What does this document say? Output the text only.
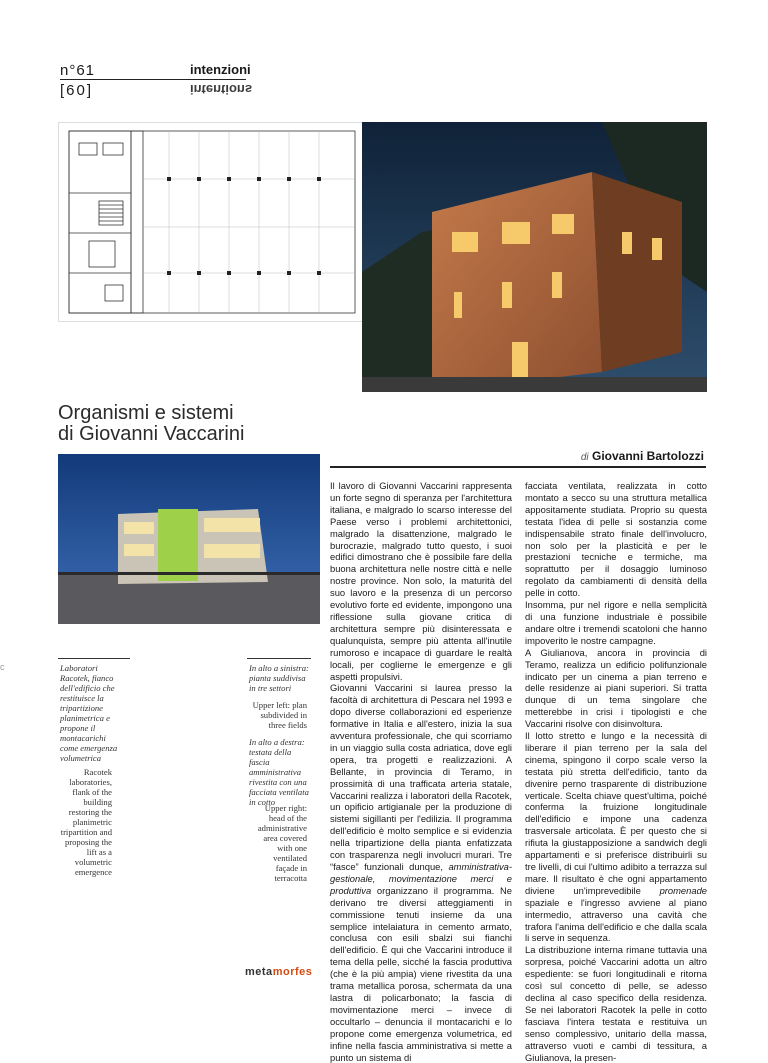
n°61
[60]
intenzioni
intentions
Organismi e sistemi
di Giovanni Vaccarini
di Giovanni Bartolozzi
Laboratori Racotek, fianco dell'edificio che restituisce la tripartizione planimetrica e propone il montacarichi come emergenza volumetrica
Racotek laboratories, flank of the building restoring the planimetric tripartition and proposing the lift as a volumetric emergence
In alto a sinistra: pianta suddivisa in tre settori
Upper left: plan subdivided in three fields
In alto a destra: testata della fascia amministrativa rivestita con una facciata ventilata in cotto
Upper right: head of the administrative area covered with one ventilated façade in terracotta

Il lavoro di Giovanni Vaccarini rappresenta un forte segno di speranza per l'architettura italiana, e malgrado lo scarso interesse del Paese verso i problemi architettonici, malgrado la disattenzione, malgrado le burocrazie, malgrado tutto questo, i suoi edifici dimostrano che è possibile fare della buona architettura nelle nostre città e nelle nostre province. Non solo, la maturità del suo lavoro e la presenza di un percorso evolutivo forte ed evidente, impongono una riflessione sulla giovane critica di architettura sempre più disinteressata e qualunquista, sempre più attenta all'inutile rumoroso e incapace di guardare le realtà locali, per coglierne le emergenze e gli aspetti propulsivi.

Giovanni Vaccarini si laurea presso la facoltà di architettura di Pescara nel 1993 e dopo diverse collaborazioni ed esperienze formative in Italia e all'estero, inizia la sua avventura professionale, che qui scorriamo in un viaggio sulla costa adriatica, dove egli opera, tra progetti e realizzazioni. A Bellante, in provincia di Teramo, in prossimità di una trafficata arteria statale, Vaccarini realizza i laboratori della Racotek, un opificio artigianale per la produzione di sistemi sigillanti per l'edilizia. Il programma dell'edificio è molto semplice e si evidenzia nella tripartizione della pianta enfatizzata con trasparenza negli involucri murari. Tre “fasce” funzionali dunque, amministrativa-gestionale, movimentazione merci e produttiva organizzano il programma. Ne derivano tre diversi atteggiamenti in commissione tenuti insieme da una semplice intelaiatura in cemento armato, conclusa con esili sbalzi sui fianchi dell'edificio. È qui che Vaccarini introduce il tema della pelle, sicché la fascia produttiva (che è la più ampia) viene rivestita da una trama metallica porosa, schermata da una lastra di policarbonato; la fascia di movimentazione merci – invece di occultarlo – denuncia il montacarichi e lo propone come emergenza volumetrica, ed infine nella fascia amministrativa si mette a punto un sistema di

facciata ventilata, realizzata in cotto montato a secco su una struttura metallica appositamente studiata. Proprio su questa testata l'idea di pelle si sostanzia come indispensabile strato finale dell'involucro, non solo per la plasticità e per le prestazioni tecniche e termiche, ma soprattutto per il dosaggio luminoso regolato da cambiamenti di densità della pelle in cotto.

Insomma, pur nel rigore e nella semplicità di una funzione industriale è possibile andare oltre i tremendi scatoloni che hanno impoverito le nostre campagne.

A Giulianova, ancora in provincia di Teramo, realizza un edificio polifunzionale indicato per un cinema a pian terreno e delle residenze ai piani superiori. Si tratta dunque di un tema singolare che metterebbe in crisi i tipologisti e che Vaccarini risolve con disinvoltura.

Il lotto stretto e lungo e la necessità di liberare il pian terreno per la sala del cinema, spingono il corpo scale verso la testata più stretta dell'edificio, tanto da divenire perno trasparente di distribuzione verticale. Scelta chiave quest'ultima, poiché conferma la fruizione longitudinale dell'edificio e impone una cadenza trasversale articolata. È per questo che si rifiuta la giustapposizione a sandwich degli appartamenti e si preferisce distribuirli su tre livelli, di cui l'ultimo adibito a terrazza sul mare. Il risultato è che ogni appartamento diviene un'imprevedibile promenade spaziale e l'ingresso avviene al piano intermedio, attraverso una cavità che trafora l'anima dell'edificio e che dalla scala li serve in sequenza.

La distribuzione interna rimane tuttavia una sorpresa, poiché Vaccarini adotta un altro espediente: se fuori longitudinali e ritorna così sul concetto di pelle, se adesso declina al caso specifico della residenza. Se nei laboratori Racotek la pelle in cotto fasciava l'intera testata e restituiva un senso complessivo, unitario della massa, attraverso vuoti e cambi di tessitura, a Giulianova, la presen-

metamorfes
c
